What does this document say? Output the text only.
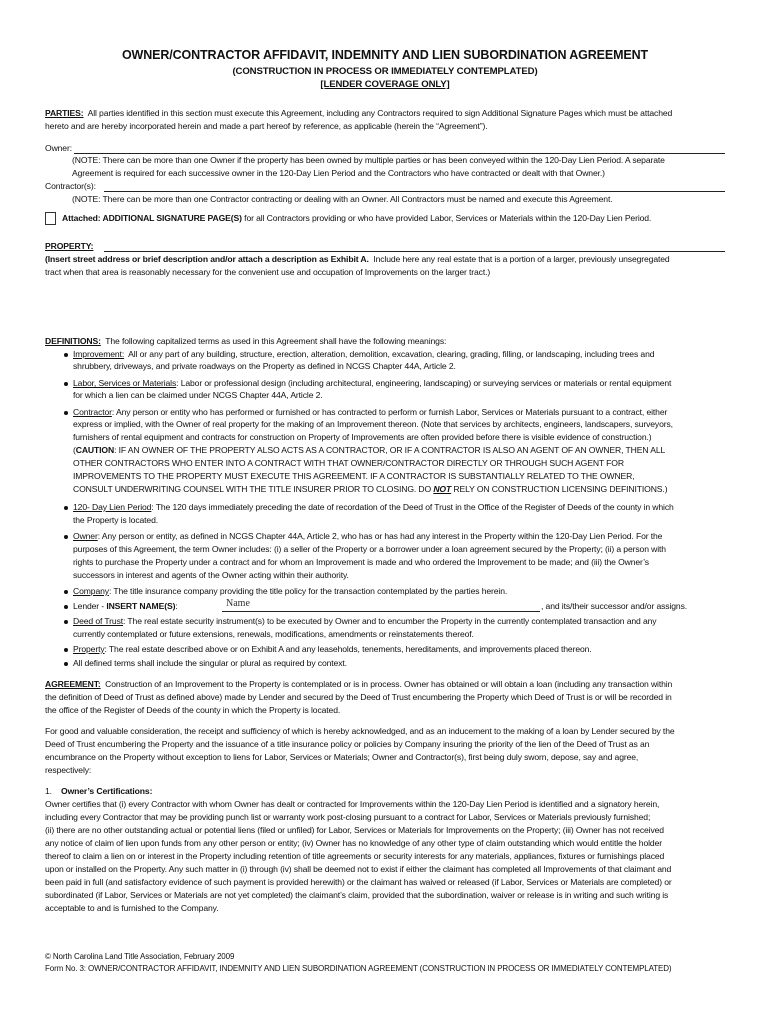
OWNER/CONTRACTOR AFFIDAVIT, INDEMNITY AND LIEN SUBORDINATION AGREEMENT
(CONSTRUCTION IN PROCESS OR IMMEDIATELY CONTEMPLATED)
[LENDER COVERAGE ONLY]
PARTIES: All parties identified in this section must execute this Agreement, including any Contractors required to sign Additional Signature Pages which must be attached
hereto and are hereby incorporated herein and made a part hereof by reference, as applicable (herein the “Agreement”).
Owner:
(NOTE: There can be more than one Owner if the property has been owned by multiple parties or has been conveyed within the 120-Day Lien Period. A separate
Agreement is required for each successive owner in the 120-Day Lien Period and the Contractors who have contracted or dealt with that Owner.)
Contractor(s):
(NOTE: There can be more than one Contractor contracting or dealing with an Owner. All Contractors must be named and execute this Agreement.
Attached: ADDITIONAL SIGNATURE PAGE(S) for all Contractors providing or who have provided Labor, Services or Materials within the 120-Day Lien Period.
PROPERTY:
(Insert street address or brief description and/or attach a description as Exhibit A. Include here any real estate that is a portion of a larger, previously unsegregated
tract when that area is reasonably necessary for the convenient use and occupation of Improvements on the larger tract.)
DEFINITIONS: The following capitalized terms as used in this Agreement shall have the following meanings:
Improvement: All or any part of any building, structure, erection, alteration, demolition, excavation, clearing, grading, filling, or landscaping, including trees and
shrubbery, driveways, and private roadways on the Property as defined in NCGS Chapter 44A, Article 2.
Labor, Services or Materials: Labor or professional design (including architectural, engineering, landscaping) or surveying services or materials or rental equipment
for which a lien can be claimed under NCGS Chapter 44A, Article 2.
Contractor: Any person or entity who has performed or furnished or has contracted to perform or furnish Labor, Services or Materials pursuant to a contract, either
express or implied, with the Owner of real property for the making of an Improvement thereon. (Note that services by architects, engineers, landscapers, surveyors,
furnishers of rental equipment and contracts for construction on Property of Improvements are often provided before there is visible evidence of construction.)
(CAUTION: IF AN OWNER OF THE PROPERTY ALSO ACTS AS A CONTRACTOR, OR IF A CONTRACTOR IS ALSO AN AGENT OF AN OWNER, THEN ALL
OTHER CONTRACTORS WHO ENTER INTO A CONTRACT WITH THAT OWNER/CONTRACTOR DIRECTLY OR THROUGH SUCH AGENT FOR
IMPROVEMENTS TO THE PROPERTY MUST EXECUTE THIS AGREEMENT. IF A CONTRACTOR IS SUBSTANTIALLY RELATED TO THE OWNER,
CONSULT UNDERWRITING COUNSEL WITH THE TITLE INSURER PRIOR TO CLOSING. DO NOT RELY ON CONSTRUCTION LICENSING DEFINITIONS.)
120- Day Lien Period: The 120 days immediately preceding the date of recordation of the Deed of Trust in the Office of the Register of Deeds of the county in which
the Property is located.
Owner: Any person or entity, as defined in NCGS Chapter 44A, Article 2, who has or has had any interest in the Property within the 120-Day Lien Period. For the
purposes of this Agreement, the term Owner includes: (i) a seller of the Property or a borrower under a loan agreement secured by the Property; (ii) a person with
rights to purchase the Property under a contract and for whom an Improvement is made and who ordered the Improvement to be made; and (iii) the Owner’s
successors in interest and agents of the Owner acting within their authority.
Company: The title insurance company providing the title policy for the transaction contemplated by the parties herein.
Lender - INSERT NAME(S):	Name	, and its/their successor and/or assigns.
Deed of Trust: The real estate security instrument(s) to be executed by Owner and to encumber the Property in the currently contemplated transaction and any
currently contemplated or future extensions, renewals, modifications, amendments or reinstatements thereof.
Property: The real estate described above or on Exhibit A and any leaseholds, tenements, hereditaments, and improvements placed thereon.
All defined terms shall include the singular or plural as required by context.
AGREEMENT: Construction of an Improvement to the Property is contemplated or is in process. Owner has obtained or will obtain a loan (including any transaction within
the definition of Deed of Trust as defined above) made by Lender and secured by the Deed of Trust encumbering the Property which Deed of Trust is or will be recorded in
the office of the Register of Deeds of the county in which the Property is located.
For good and valuable consideration, the receipt and sufficiency of which is hereby acknowledged, and as an inducement to the making of a loan by Lender secured by the
Deed of Trust encumbering the Property and the issuance of a title insurance policy or policies by Company insuring the priority of the lien of the Deed of Trust as an
encumbrance on the Property without exception to liens for Labor, Services or Materials; Owner and Contractor(s), first being duly sworn, depose, say and agree,
respectively:
1. Owner’s Certifications:
Owner certifies that (i) every Contractor with whom Owner has dealt or contracted for Improvements within the 120-Day Lien Period is identified and a signatory herein,
including every Contractor that may be providing punch list or warranty work post-closing pursuant to a contract for Labor, Services or Materials previously furnished;
(ii) there are no other outstanding actual or potential liens (filed or unfiled) for Labor, Services or Materials for Improvements on the Property; (iii) Owner has not received
any notice of claim of lien upon funds from any other person or entity; (iv) Owner has no knowledge of any other type of claim outstanding which would entitle the holder
thereof to claim a lien on or interest in the Property including retention of title agreements or security interests for any materials, appliances, fixtures or furnishings placed
upon or installed on the Property. Any such matter in (i) through (iv) shall be deemed not to exist if either the claimant has completed all Improvements of that claimant and
been paid in full (and satisfactory evidence of such payment is provided herewith) or the claimant has waived or released (if Labor, Services or Materials are completed) or
subordinated (if Labor, Services or Materials are not yet completed) the claimant’s claim, provided that the subordination, waiver or release is in writing and such writing is
acceptable to and is furnished to the Company.
© North Carolina Land Title Association, February 2009
Form No. 3: OWNER/CONTRACTOR AFFIDAVIT, INDEMNITY AND LIEN SUBORDINATION AGREEMENT (CONSTRUCTION IN PROCESS OR IMMEDIATELY CONTEMPLATED)
